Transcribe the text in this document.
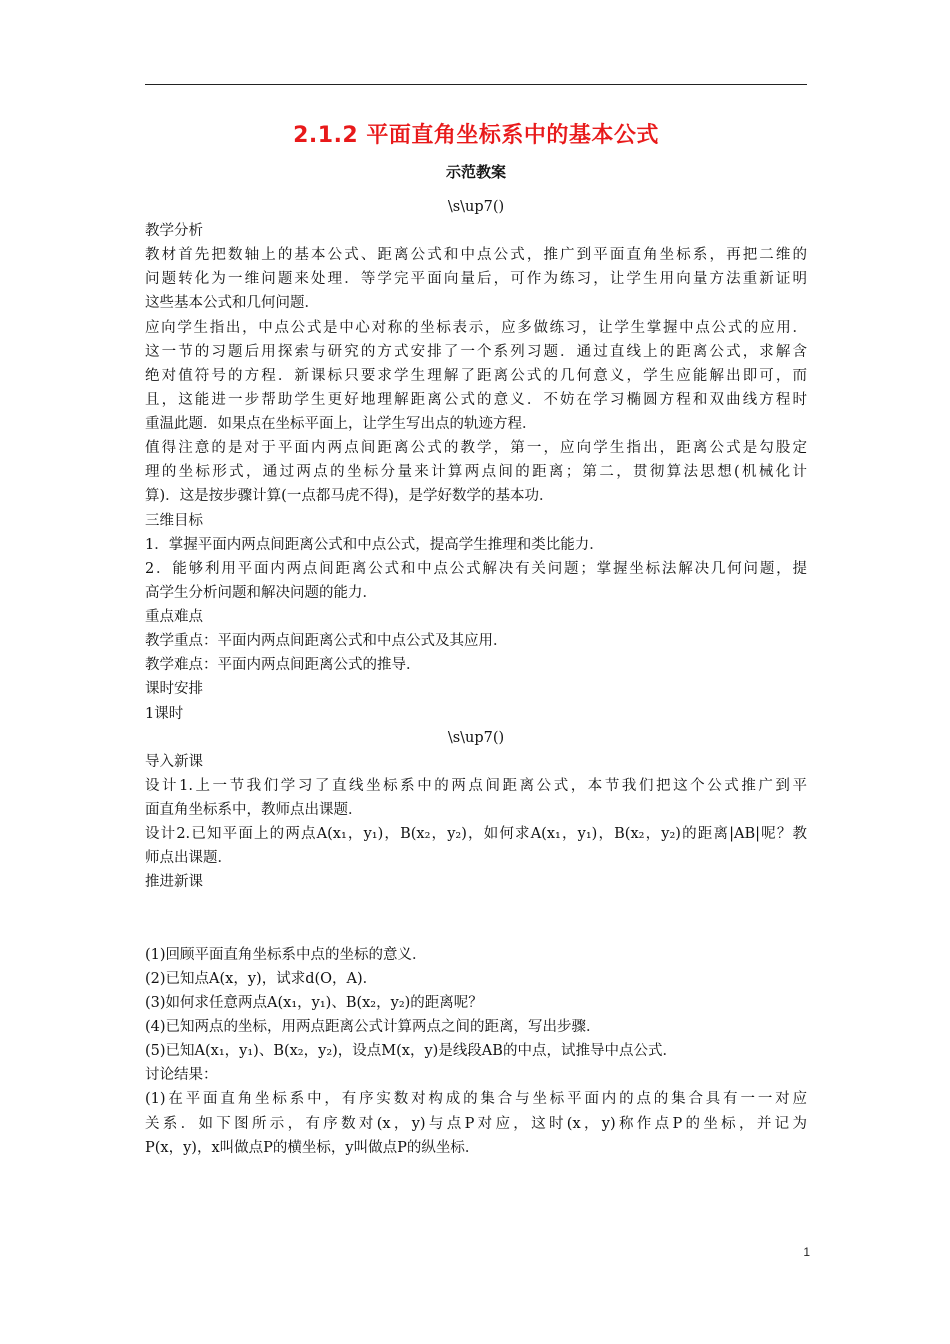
2.1.2 平面直角坐标系中的基本公式
示范教案
\s\up7()
教学分析
教材首先把数轴上的基本公式、距离公式和中点公式，推广到平面直角坐标系，再把二维的
问题转化为一维问题来处理．等学完平面向量后，可作为练习，让学生用向量方法重新证明
这些基本公式和几何问题．
应向学生指出，中点公式是中心对称的坐标表示，应多做练习，让学生掌握中点公式的应用．
这一节的习题后用探索与研究的方式安排了一个系列习题．通过直线上的距离公式，求解含
绝对值符号的方程．新课标只要求学生理解了距离公式的几何意义，学生应能解出即可，而
且，这能进一步帮助学生更好地理解距离公式的意义．不妨在学习椭圆方程和双曲线方程时
重温此题．如果点在坐标平面上，让学生写出点的轨迹方程．
值得注意的是对于平面内两点间距离公式的教学，第一，应向学生指出，距离公式是勾股定
理的坐标形式，通过两点的坐标分量来计算两点间的距离；第二，贯彻算法思想(机械化计
算)．这是按步骤计算(一点都马虎不得)，是学好数学的基本功．
三维目标
1．掌握平面内两点间距离公式和中点公式，提高学生推理和类比能力．
2．能够利用平面内两点间距离公式和中点公式解决有关问题；掌握坐标法解决几何问题，提
高学生分析问题和解决问题的能力．
重点难点
教学重点：平面内两点间距离公式和中点公式及其应用．
教学难点：平面内两点间距离公式的推导．
课时安排
1课时
\s\up7()
导入新课
设计1.上一节我们学习了直线坐标系中的两点间距离公式，本节我们把这个公式推广到平
面直角坐标系中，教师点出课题．
设计2.已知平面上的两点A(x₁，y₁)，B(x₂，y₂)，如何求A(x₁，y₁)，B(x₂，y₂)的距离|AB|呢？教
师点出课题．
推进新课
(1)回顾平面直角坐标系中点的坐标的意义．
(2)已知点A(x，y)，试求d(O，A)．
(3)如何求任意两点A(x₁，y₁)、B(x₂，y₂)的距离呢？
(4)已知两点的坐标，用两点距离公式计算两点之间的距离，写出步骤．
(5)已知A(x₁，y₁)、B(x₂，y₂)，设点M(x，y)是线段AB的中点，试推导中点公式．
讨论结果：
(1)在平面直角坐标系中，有序实数对构成的集合与坐标平面内的点的集合具有一一对应
关系．如下图所示，有序数对(x，y)与点P对应，这时(x，y)称作点P的坐标，并记为
P(x，y)，x叫做点P的横坐标，y叫做点P的纵坐标．
1
